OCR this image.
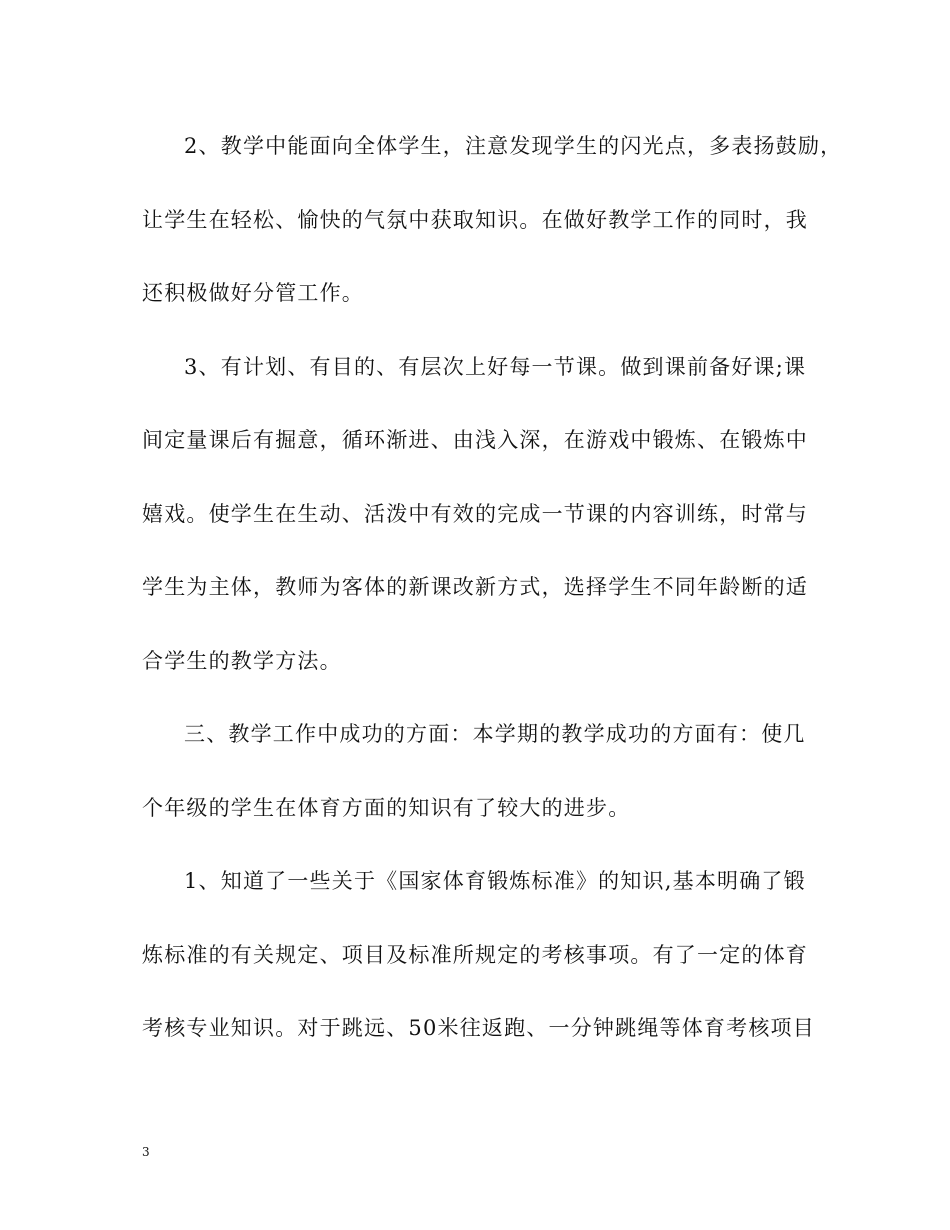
2、教学中能面向全体学生，注意发现学生的闪光点，多表扬鼓励，
让学生在轻松、愉快的气氛中获取知识。在做好教学工作的同时，我
还积极做好分管工作。
3、有计划、有目的、有层次上好每一节课。做到课前备好课;课
间定量课后有掘意，循环渐进、由浅入深，在游戏中锻炼、在锻炼中
嬉戏。使学生在生动、活泼中有效的完成一节课的内容训练，时常与
学生为主体，教师为客体的新课改新方式，选择学生不同年龄断的适
合学生的教学方法。
三、教学工作中成功的方面：本学期的教学成功的方面有：使几
个年级的学生在体育方面的知识有了较大的进步。
1、知道了一些关于《国家体育锻炼标准》的知识,基本明确了锻
炼标准的有关规定、项目及标准所规定的考核事项。有了一定的体育
考核专业知识。对于跳远、50米往返跑、一分钟跳绳等体育考核项目
3
